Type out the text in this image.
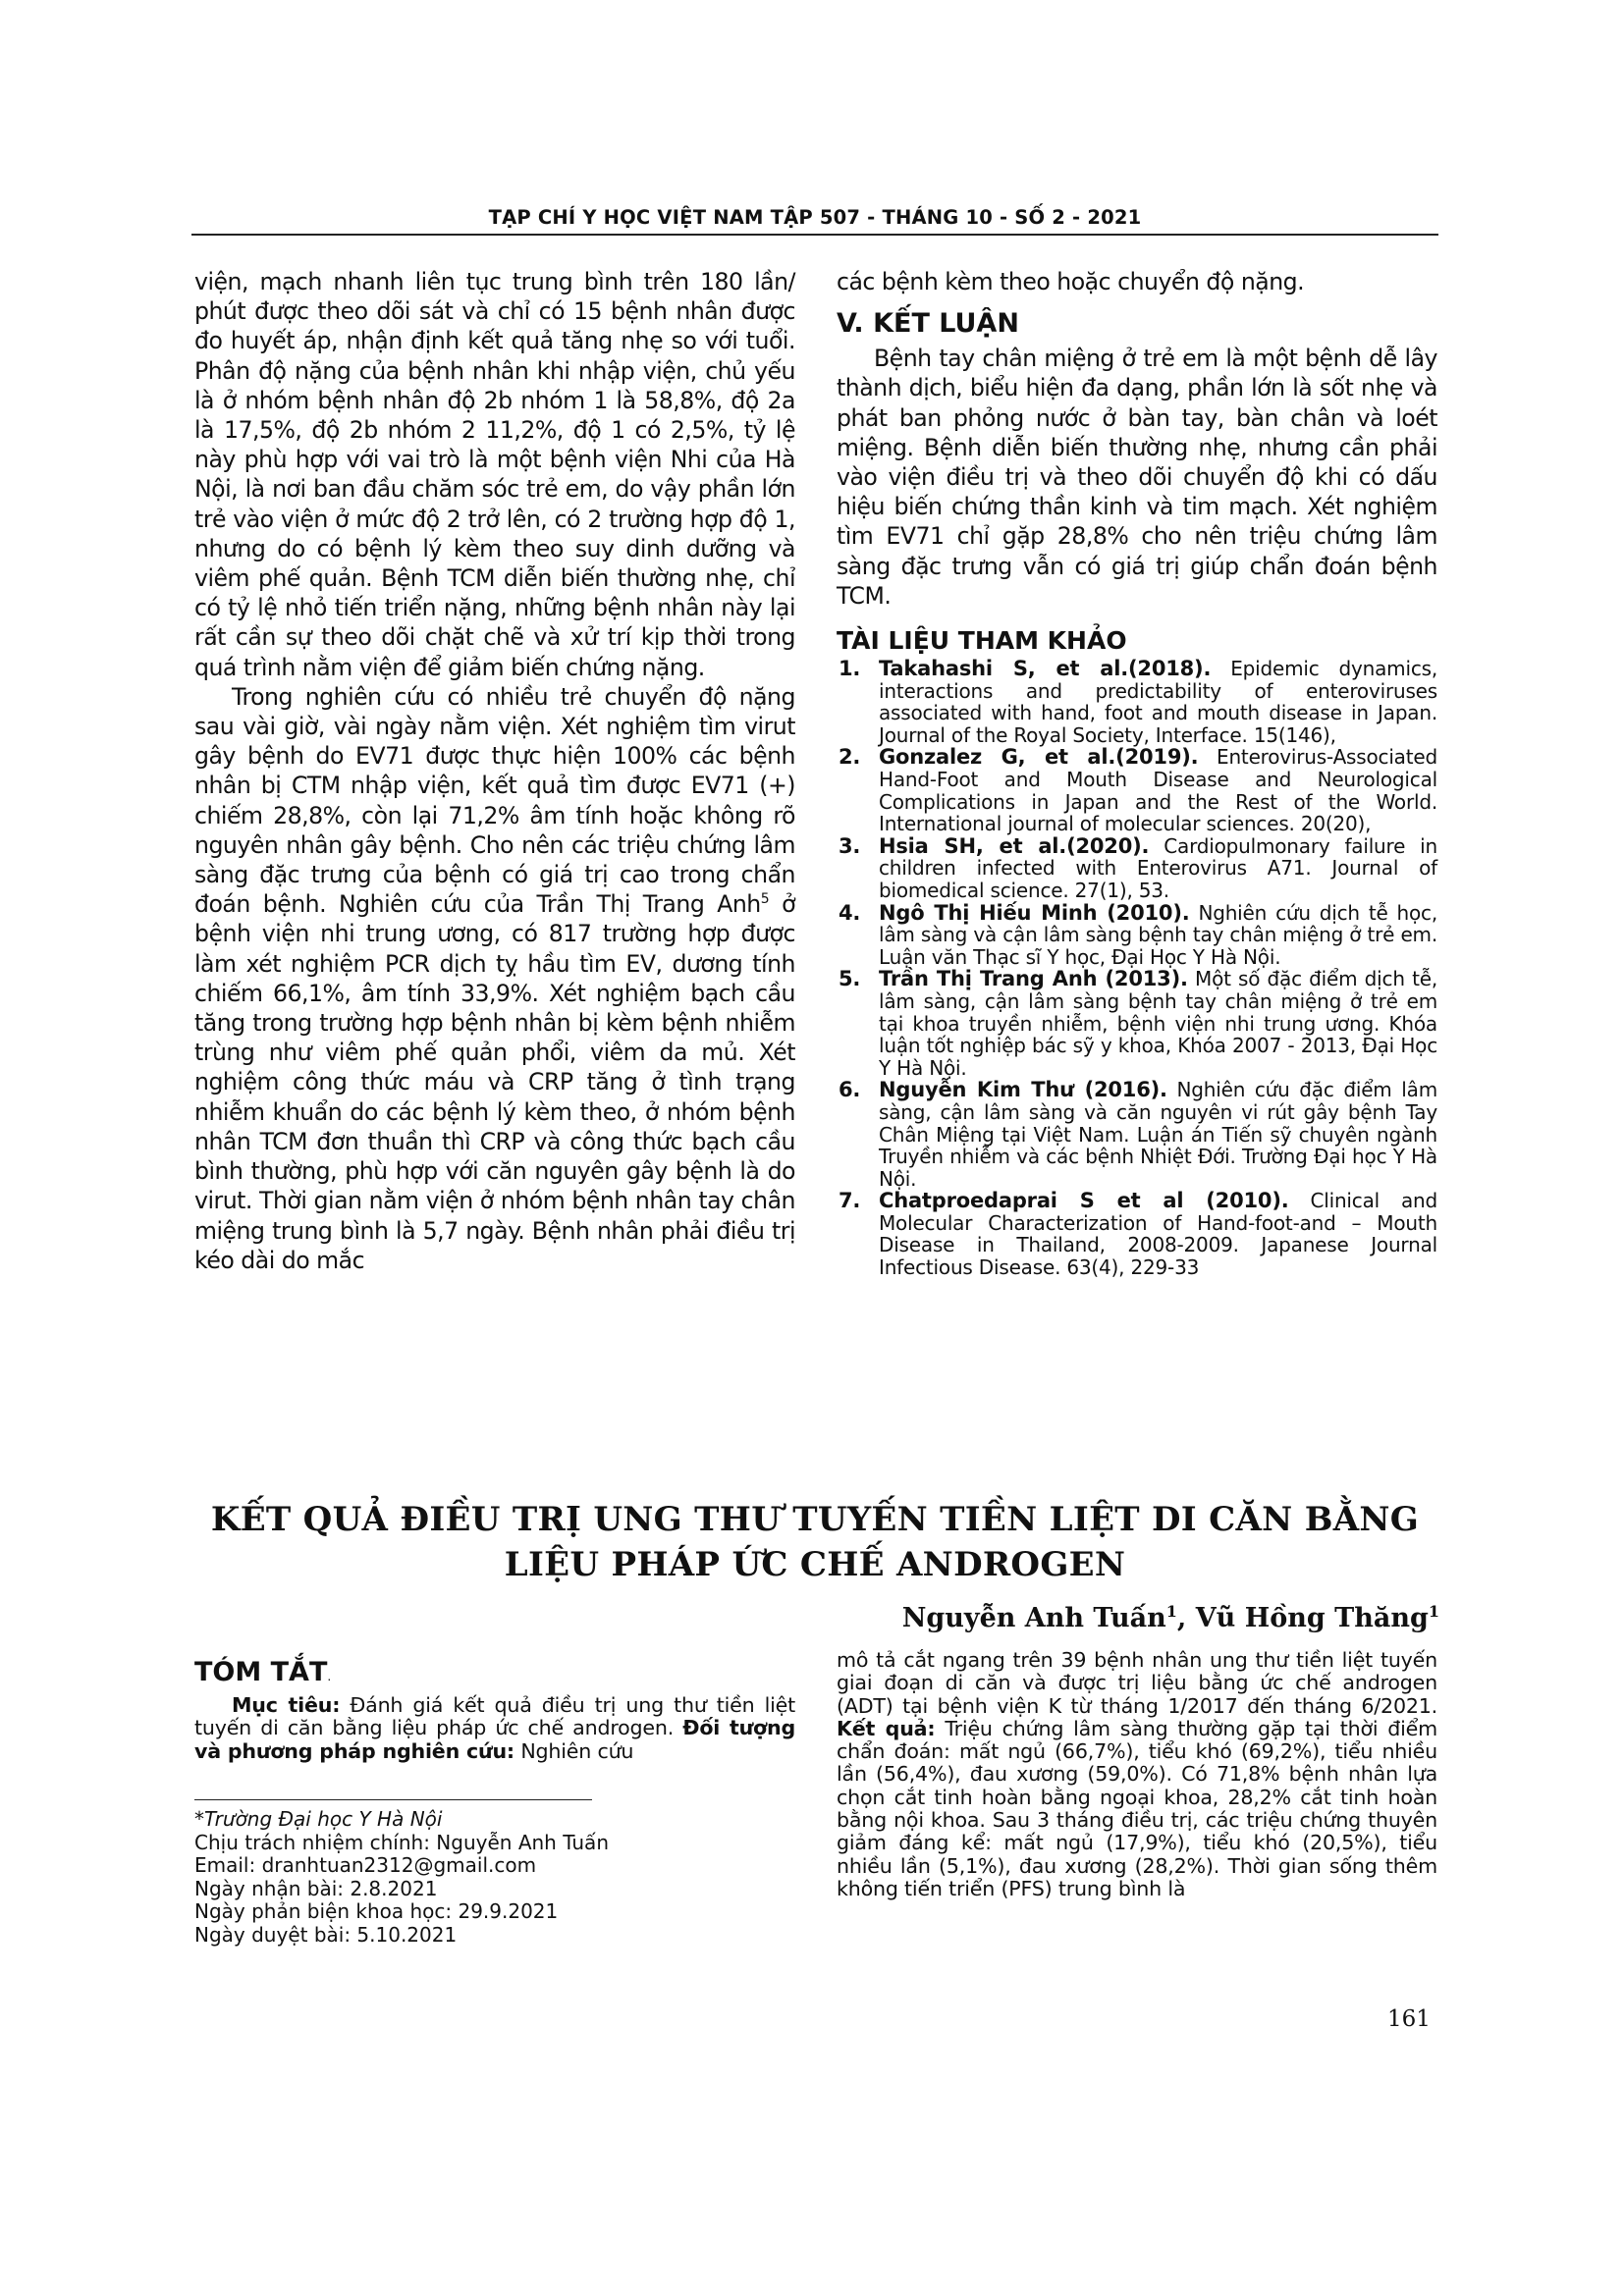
TẠP CHÍ Y HỌC VIỆT NAM TẬP 507 - THÁNG 10 - SỐ 2 - 2021

viện, mạch nhanh liên tục trung bình trên 180 lần/ phút được theo dõi sát và chỉ có 15 bệnh nhân được đo huyết áp, nhận định kết quả tăng nhẹ so với tuổi. Phân độ nặng của bệnh nhân khi nhập viện, chủ yếu là ở nhóm bệnh nhân độ 2b nhóm 1 là 58,8%, độ 2a là 17,5%, độ 2b nhóm 2 11,2%, độ 1 có 2,5%, tỷ lệ này phù hợp với vai trò là một bệnh viện Nhi của Hà Nội, là nơi ban đầu chăm sóc trẻ em, do vậy phần lớn trẻ vào viện ở mức độ 2 trở lên, có 2 trường hợp độ 1, nhưng do có bệnh lý kèm theo suy dinh dưỡng và viêm phế quản. Bệnh TCM diễn biến thường nhẹ, chỉ có tỷ lệ nhỏ tiến triển nặng, những bệnh nhân này lại rất cần sự theo dõi chặt chẽ và xử trí kịp thời trong quá trình nằm viện để giảm biến chứng nặng.

Trong nghiên cứu có nhiều trẻ chuyển độ nặng sau vài giờ, vài ngày nằm viện. Xét nghiệm tìm virut gây bệnh do EV71 được thực hiện 100% các bệnh nhân bị CTM nhập viện, kết quả tìm được EV71 (+) chiếm 28,8%, còn lại 71,2% âm tính hoặc không rõ nguyên nhân gây bệnh. Cho nên các triệu chứng lâm sàng đặc trưng của bệnh có giá trị cao trong chẩn đoán bệnh. Nghiên cứu của Trần Thị Trang Anh$^5$ ở bệnh viện nhi trung ương, có 817 trường hợp được làm xét nghiệm PCR dịch tỵ hầu tìm EV, dương tính chiếm 66,1%, âm tính 33,9%. Xét nghiệm bạch cầu tăng trong trường hợp bệnh nhân bị kèm bệnh nhiễm trùng như viêm phế quản phổi, viêm da mủ. Xét nghiệm công thức máu và CRP tăng ở tình trạng nhiễm khuẩn do các bệnh lý kèm theo, ở nhóm bệnh nhân TCM đơn thuần thì CRP và công thức bạch cầu bình thường, phù hợp với căn nguyên gây bệnh là do virut. Thời gian nằm viện ở nhóm bệnh nhân tay chân miệng trung bình là 5,7 ngày. Bệnh nhân phải điều trị kéo dài do mắc

các bệnh kèm theo hoặc chuyển độ nặng.

V. KẾT LUẬN

Bệnh tay chân miệng ở trẻ em là một bệnh dễ lây thành dịch, biểu hiện đa dạng, phần lớn là sốt nhẹ và phát ban phỏng nước ở bàn tay, bàn chân và loét miệng. Bệnh diễn biến thường nhẹ, nhưng cần phải vào viện điều trị và theo dõi chuyển độ khi có dấu hiệu biến chứng thần kinh và tim mạch. Xét nghiệm tìm EV71 chỉ gặp 28,8% cho nên triệu chứng lâm sàng đặc trưng vẫn có giá trị giúp chẩn đoán bệnh TCM.

TÀI LIỆU THAM KHẢO
1. Takahashi S, et al.(2018). Epidemic dynamics, interactions and predictability of enteroviruses associated with hand, foot and mouth disease in Japan. Journal of the Royal Society, Interface. 15(146),
2. Gonzalez G, et al.(2019). Enterovirus-Associated Hand-Foot and Mouth Disease and Neurological Complications in Japan and the Rest of the World. International journal of molecular sciences. 20(20),
3. Hsia SH, et al.(2020). Cardiopulmonary failure in children infected with Enterovirus A71. Journal of biomedical science. 27(1), 53.
4. Ngô Thị Hiếu Minh (2010). Nghiên cứu dịch tễ học, lâm sàng và cận lâm sàng bệnh tay chân miệng ở trẻ em. Luận văn Thạc sĩ Y học, Đại Học Y Hà Nội.
5. Trần Thị Trang Anh (2013). Một số đặc điểm dịch tễ, lâm sàng, cận lâm sàng bệnh tay chân miệng ở trẻ em tại khoa truyền nhiễm, bệnh viện nhi trung ương. Khóa luận tốt nghiệp bác sỹ y khoa, Khóa 2007 - 2013, Đại Học Y Hà Nội.
6. Nguyễn Kim Thư (2016). Nghiên cứu đặc điểm lâm sàng, cận lâm sàng và căn nguyên vi rút gây bệnh Tay Chân Miệng tại Việt Nam. Luận án Tiến sỹ chuyên ngành Truyền nhiễm và các bệnh Nhiệt Đới. Trường Đại học Y Hà Nội.
7. Chatproedaprai S et al (2010). Clinical and Molecular Characterization of Hand-foot-and – Mouth Disease in Thailand, 2008-2009. Japanese Journal Infectious Disease. 63(4), 229-33
KẾT QUẢ ĐIỀU TRỊ UNG THƯ TUYẾN TIỀN LIỆT DI CĂN BẰNG
LIỆU PHÁP ỨC CHẾ ANDROGEN
Nguyễn Anh Tuấn$^1$, Vũ Hồng Thăng$^1$
TÓM TẮT.

Mục tiêu: Đánh giá kết quả điều trị ung thư tiền liệt tuyến di căn bằng liệu pháp ức chế androgen. Đối tượng và phương pháp nghiên cứu: Nghiên cứu

mô tả cắt ngang trên 39 bệnh nhân ung thư tiền liệt tuyến giai đoạn di căn và được trị liệu bằng ức chế androgen (ADT) tại bệnh viện K từ tháng 1/2017 đến tháng 6/2021. Kết quả: Triệu chứng lâm sàng thường gặp tại thời điểm chẩn đoán: mất ngủ (66,7%), tiểu khó (69,2%), tiểu nhiều lần (56,4%), đau xương (59,0%). Có 71,8% bệnh nhân lựa chọn cắt tinh hoàn bằng ngoại khoa, 28,2% cắt tinh hoàn bằng nội khoa. Sau 3 tháng điều trị, các triệu chứng thuyên giảm đáng kể: mất ngủ (17,9%), tiểu khó (20,5%), tiểu nhiều lần (5,1%), đau xương (28,2%). Thời gian sống thêm không tiến triển (PFS) trung bình là

*Trường Đại học Y Hà Nội
Chịu trách nhiệm chính: Nguyễn Anh Tuấn
Email: dranhtuan2312@gmail.com
Ngày nhận bài: 2.8.2021
Ngày phản biện khoa học: 29.9.2021
Ngày duyệt bài: 5.10.2021
161
